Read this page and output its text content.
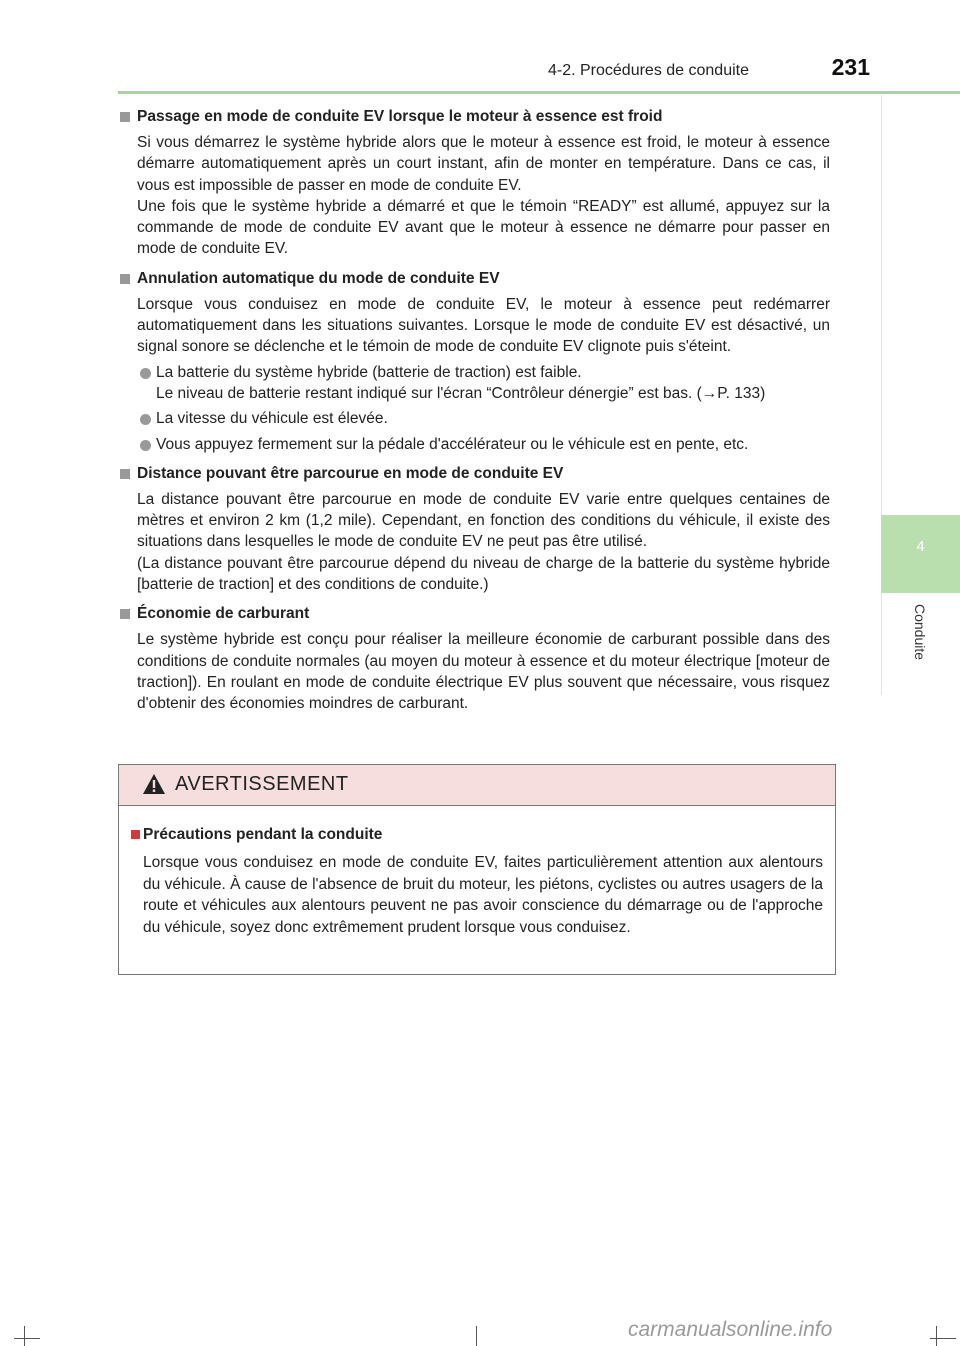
4-2. Procédures de conduite	231
4
Conduite
Passage en mode de conduite EV lorsque le moteur à essence est froid
Si vous démarrez le système hybride alors que le moteur à essence est froid, le moteur à essence démarre automatiquement après un court instant, afin de monter en température. Dans ce cas, il vous est impossible de passer en mode de conduite EV.
Une fois que le système hybride a démarré et que le témoin “READY” est allumé, appuyez sur la commande de mode de conduite EV avant que le moteur à essence ne démarre pour passer en mode de conduite EV.
Annulation automatique du mode de conduite EV
Lorsque vous conduisez en mode de conduite EV, le moteur à essence peut redémarrer automatiquement dans les situations suivantes. Lorsque le mode de conduite EV est désactivé, un signal sonore se déclenche et le témoin de mode de conduite EV clignote puis s'éteint.
La batterie du système hybride (batterie de traction) est faible.
Le niveau de batterie restant indiqué sur l'écran “Contrôleur dénergie” est bas. (→P. 133)
La vitesse du véhicule est élevée.
Vous appuyez fermement sur la pédale d'accélérateur ou le véhicule est en pente, etc.
Distance pouvant être parcourue en mode de conduite EV
La distance pouvant être parcourue en mode de conduite EV varie entre quelques centaines de mètres et environ 2 km (1,2 mile). Cependant, en fonction des conditions du véhicule, il existe des situations dans lesquelles le mode de conduite EV ne peut pas être utilisé.
(La distance pouvant être parcourue dépend du niveau de charge de la batterie du système hybride [batterie de traction] et des conditions de conduite.)
Économie de carburant
Le système hybride est conçu pour réaliser la meilleure économie de carburant possible dans des conditions de conduite normales (au moyen du moteur à essence et du moteur électrique [moteur de traction]). En roulant en mode de conduite électrique EV plus souvent que nécessaire, vous risquez d'obtenir des économies moindres de carburant.
AVERTISSEMENT
Précautions pendant la conduite
Lorsque vous conduisez en mode de conduite EV, faites particulièrement attention aux alentours du véhicule. À cause de l'absence de bruit du moteur, les piétons, cyclistes ou autres usagers de la route et véhicules aux alentours peuvent ne pas avoir conscience du démarrage ou de l'approche du véhicule, soyez donc extrêmement prudent lorsque vous conduisez.
carmanualsonline.info
